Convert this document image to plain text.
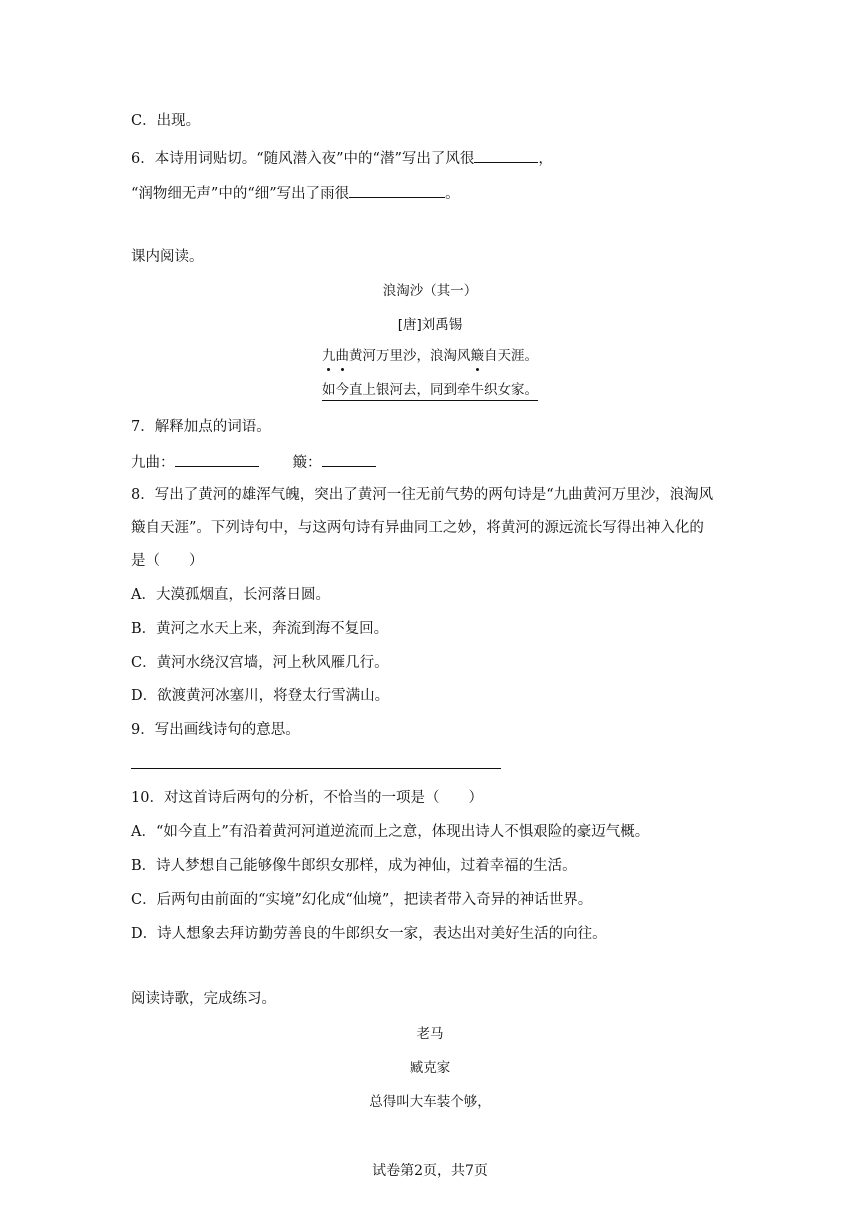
C．出现。
6．本诗用词贴切。“随风潜入夜”中的“潜”写出了风很	，
“润物细无声”中的“细”写出了雨很	。
课内阅读。
浪淘沙（其一）
[唐]刘禹锡
九曲黄河万里沙，浪淘风簸自天涯。
如今直上银河去，同到牵牛织女家。
7．解释加点的词语。
九曲：	簸：
8．写出了黄河的雄浑气魄，突出了黄河一往无前气势的两句诗是“九曲黄河万里沙，浪淘风
簸自天涯”。下列诗句中，与这两句诗有异曲同工之妙，将黄河的源远流长写得出神入化的
是（　　）
A．大漠孤烟直，长河落日圆。
B．黄河之水天上来，奔流到海不复回。
C．黄河水绕汉宫墙，河上秋风雁几行。
D．欲渡黄河冰塞川，将登太行雪满山。
9．写出画线诗句的意思。
10．对这首诗后两句的分析，不恰当的一项是（　　）
A．“如今直上”有沿着黄河河道逆流而上之意，体现出诗人不惧艰险的豪迈气概。
B．诗人梦想自己能够像牛郎织女那样，成为神仙，过着幸福的生活。
C．后两句由前面的“实境”幻化成“仙境”，把读者带入奇异的神话世界。
D．诗人想象去拜访勤劳善良的牛郎织女一家，表达出对美好生活的向往。
阅读诗歌，完成练习。
老马
臧克家
总得叫大车装个够，
试卷第2页，共7页
